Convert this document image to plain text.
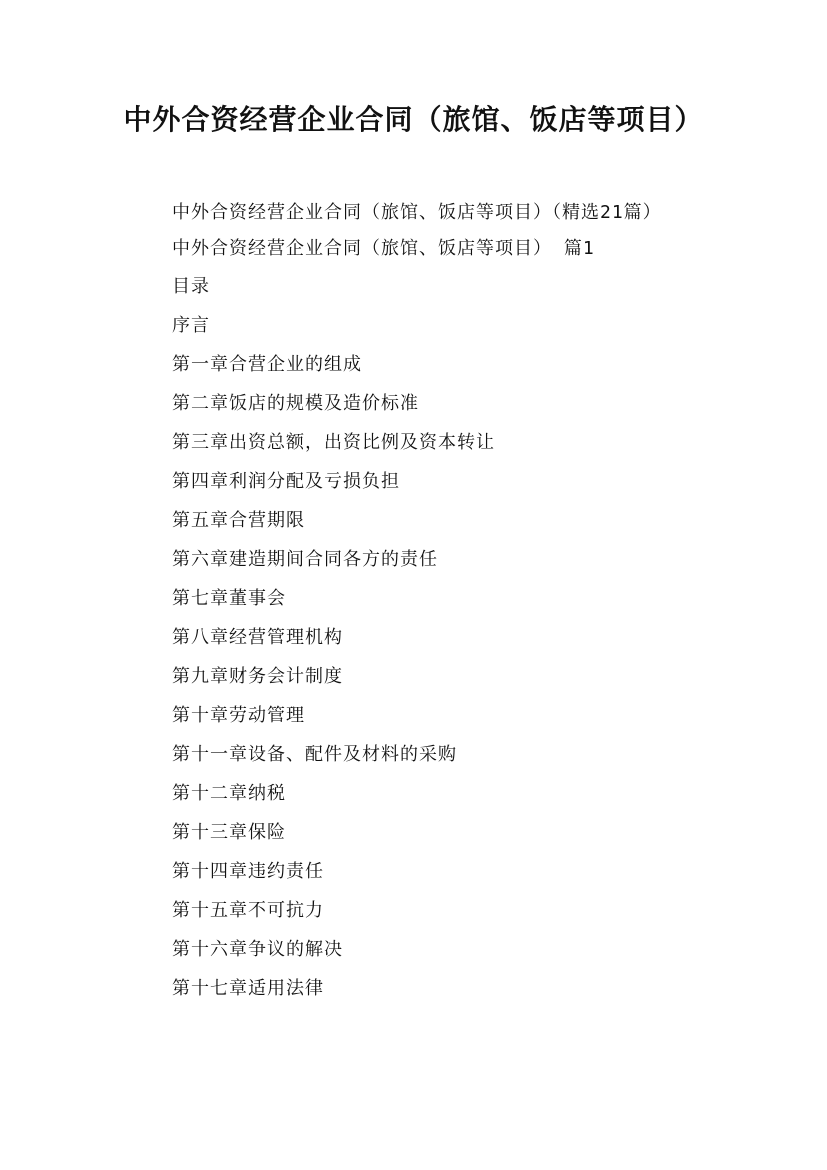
中外合资经营企业合同（旅馆、饭店等项目）

中外合资经营企业合同（旅馆、饭店等项目）（精选21篇）

中外合资经营企业合同（旅馆、饭店等项目） 篇1
目录
序言
第一章合营企业的组成
第二章饭店的规模及造价标准
第三章出资总额，出资比例及资本转让
第四章利润分配及亏损负担
第五章合营期限
第六章建造期间合同各方的责任
第七章董事会
第八章经营管理机构
第九章财务会计制度
第十章劳动管理
第十一章设备、配件及材料的采购
第十二章纳税
第十三章保险
第十四章违约责任
第十五章不可抗力
第十六章争议的解决
第十七章适用法律
